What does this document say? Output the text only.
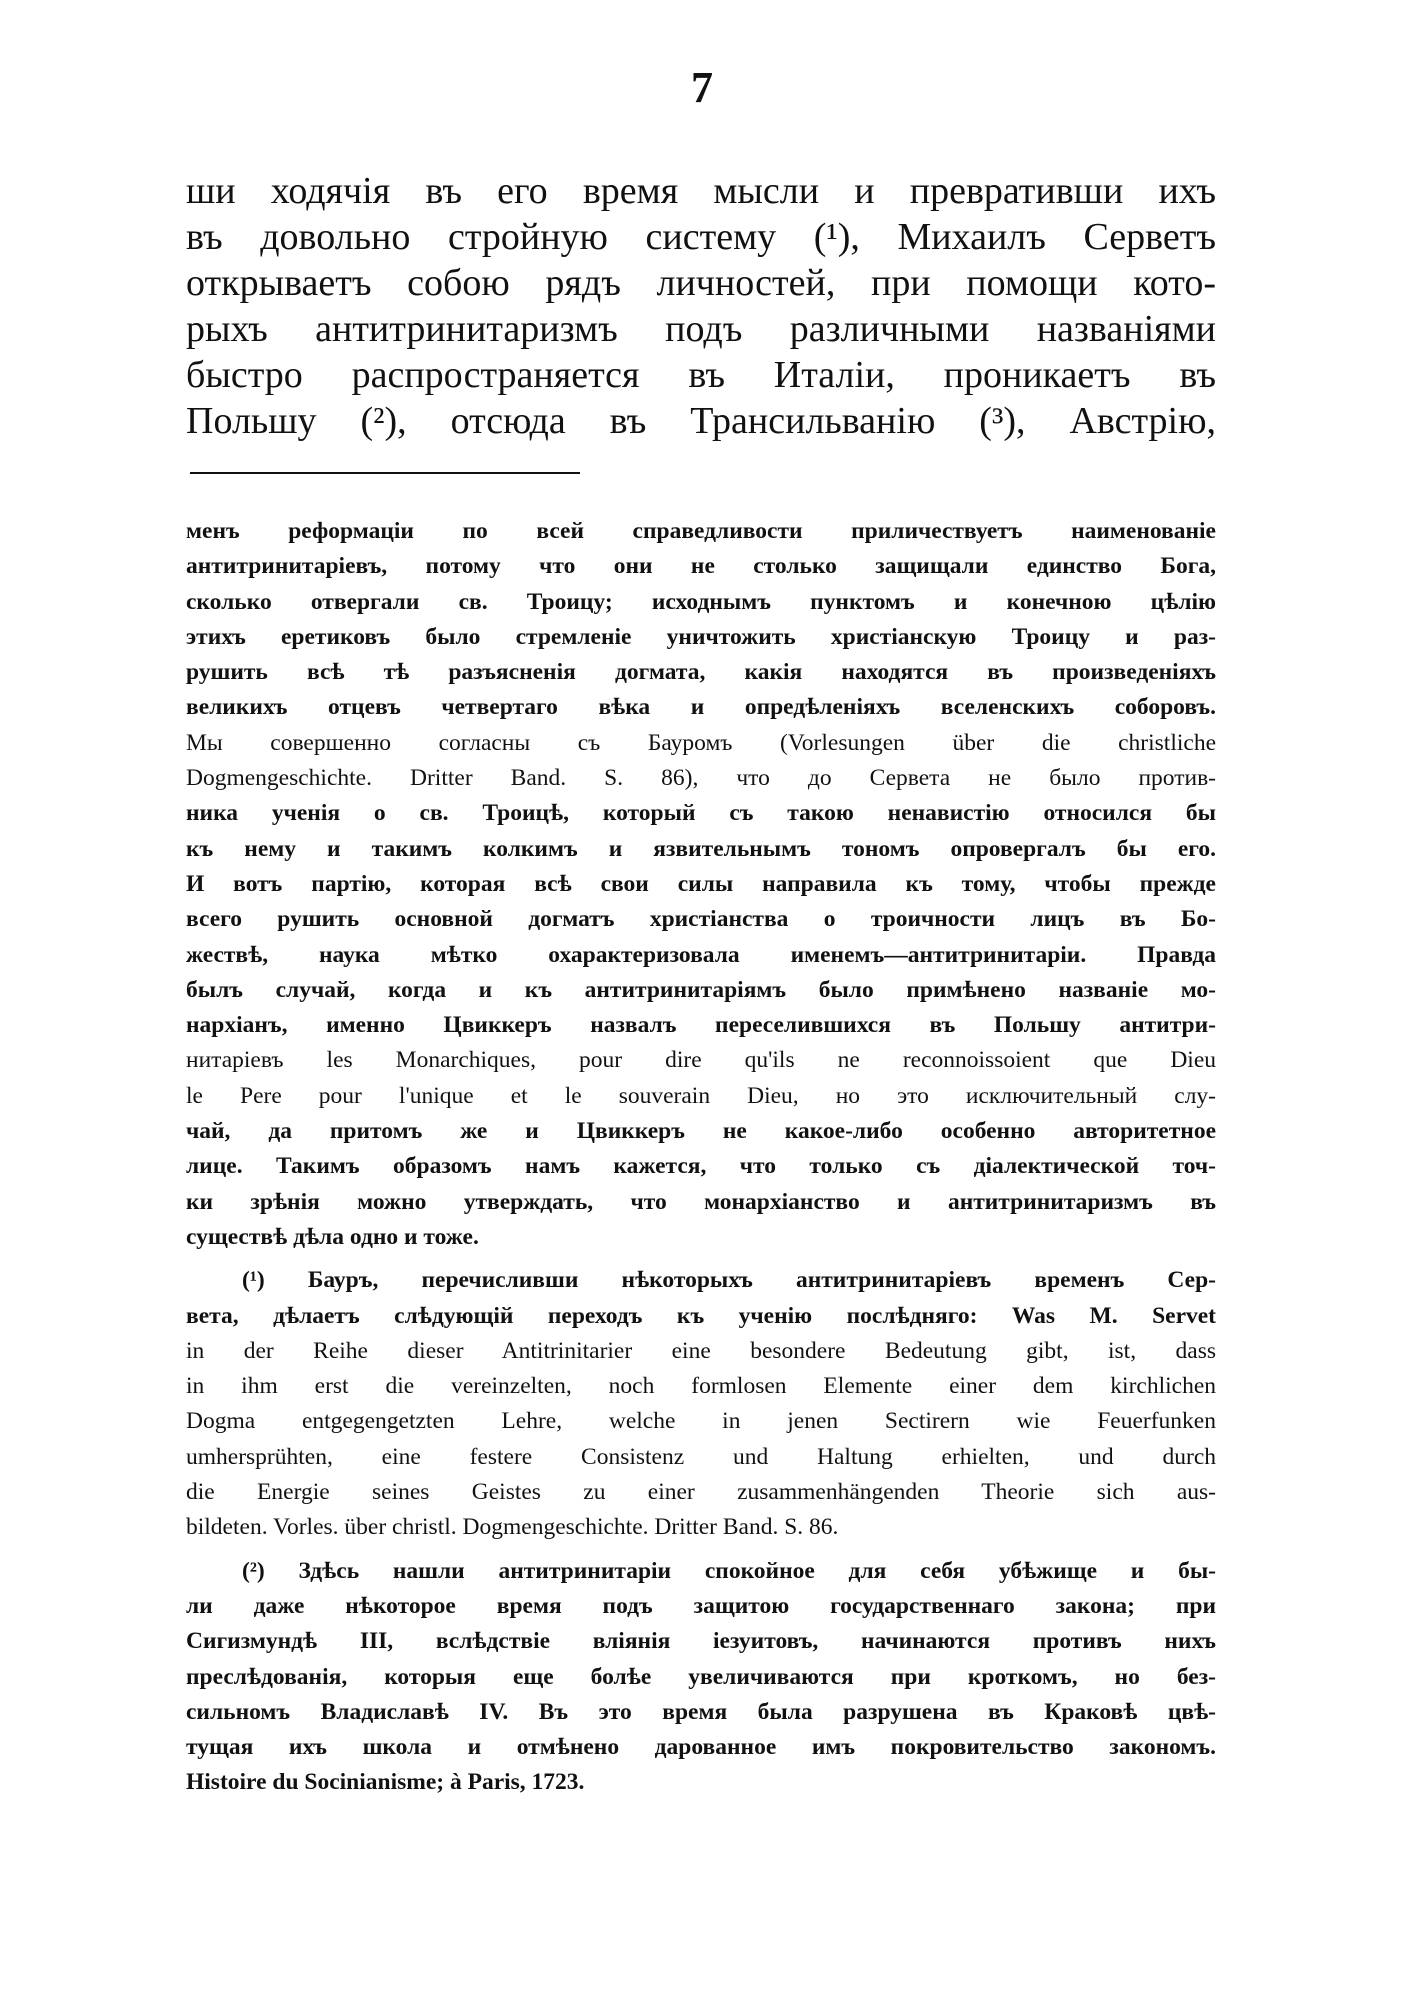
7
ши ходячія въ его время мысли и превративши ихъ
въ довольно стройную систему (¹), Михаилъ Серветъ
открываетъ собою рядъ личностей, при помощи кото-
рыхъ антитринитаризмъ подъ различными названіями
быстро распространяется въ Италіи, проникаетъ въ
Польшу (²), отсюда въ Трансильванію (³), Австрію,
менъ реформаціи по всей справедливости приличествуетъ наименованіе
антитринитаріевъ, потому что они не столько защищали единство Бога,
сколько отвергали св. Троицу; исходнымъ пунктомъ и конечною цѣлію
этихъ еретиковъ было стремленіе уничтожить христіанскую Троицу и раз-
рушить всѣ тѣ разъясненія догмата, какія находятся въ произведеніяхъ
великихъ отцевъ четвертаго вѣка и опредѣленіяхъ вселенскихъ соборовъ.
Мы совершенно согласны съ Бауромъ (Vorlesungen über die christliche
Dogmengeschichte. Dritter Band. S. 86), что до Сервета не было против-
ника ученія о св. Троицѣ, который съ такою ненавистію относился бы
къ нему и такимъ колкимъ и язвительнымъ тономъ опровергалъ бы его.
И вотъ партію, которая всѣ свои силы направила къ тому, чтобы прежде
всего рушить основной догматъ христіанства о троичности лицъ въ Бо-
жествѣ, наука мѣтко охарактеризовала именемъ—антитринитаріи. Правда
былъ случай, когда и къ антитринитаріямъ было примѣнено названіе мо-
нархіанъ, именно Цвиккеръ назвалъ переселившихся въ Польшу антитри-
нитаріевъ les Monarchiques, pour dire qu'ils ne reconnoissoient que Dieu
le Pere pour l'unique et le souverain Dieu, но это исключительный слу-
чай, да притомъ же и Цвиккеръ не какое-либо особенно авторитетное
лице. Такимъ образомъ намъ кажется, что только съ діалектической точ-
ки зрѣнія можно утверждать, что монархіанство и антитринитаризмъ въ
существѣ дѣла одно и тоже.
(¹) Бауръ, перечисливши нѣкоторыхъ антитринитаріевъ временъ Сер-
вета, дѣлаетъ слѣдующій переходъ къ ученію послѣдняго: Was M. Servet
in der Reihe dieser Antitrinitarier eine besondere Bedeutung gibt, ist, dass
in ihm erst die vereinzelten, noch formlosen Elemente einer dem kirchlichen
Dogma entgegengetzten Lehre, welche in jenen Sectirern wie Feuerfunken
umhersprühten, eine festere Consistenz und Haltung erhielten, und durch
die Energie seines Geistes zu einer zusammenhängenden Theorie sich aus-
bildeten. Vorles. über christl. Dogmengeschichte. Dritter Band. S. 86.
(²) Здѣсь нашли антитринитаріи спокойное для себя убѣжище и бы-
ли даже нѣкоторое время подъ защитою государственнаго закона; при
Сигизмундѣ III, вслѣдствіе вліянія іезуитовъ, начинаются противъ нихъ
преслѣдованія, которыя еще болѣе увеличиваются при кроткомъ, но без-
сильномъ Владиславѣ IV. Въ это время была разрушена въ Краковѣ цвѣ-
тущая ихъ школа и отмѣнено дарованное имъ покровительство закономъ.
Histoire du Socinianisme; à Paris, 1723.
